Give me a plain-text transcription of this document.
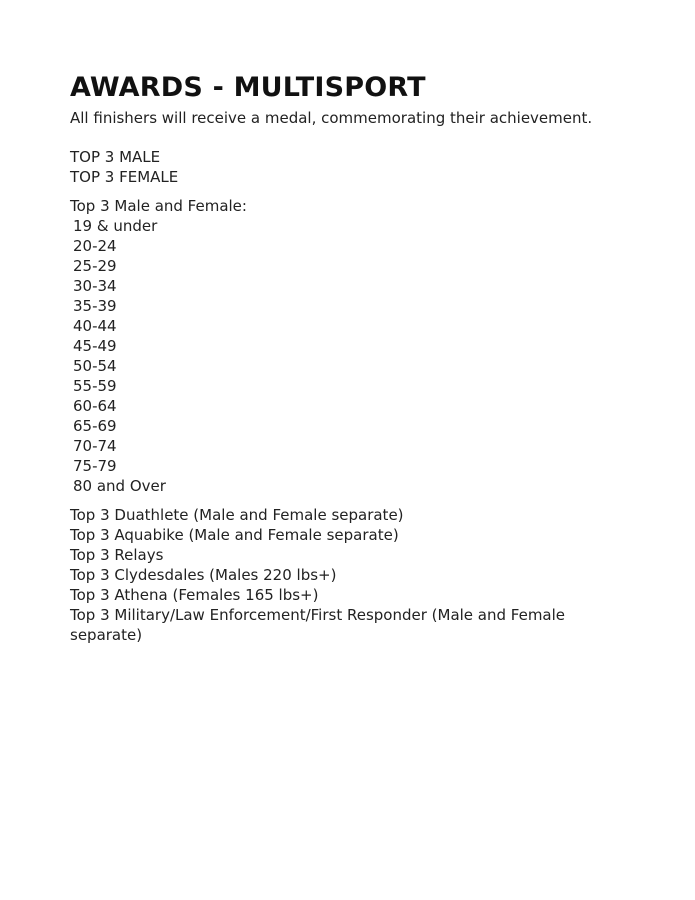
AWARDS - MULTISPORT

All finishers will receive a medal, commemorating their achievement.

TOP 3 MALE
TOP 3 FEMALE
Top 3 Male and Female:
19 & under
20-24
25-29
30-34
35-39
40-44
45-49
50-54
55-59
60-64
65-69
70-74
75-79
80 and Over
Top 3 Duathlete (Male and Female separate)
Top 3 Aquabike (Male and Female separate)
Top 3 Relays
Top 3 Clydesdales (Males 220 lbs+)
Top 3 Athena (Females 165 lbs+)
Top 3 Military/Law Enforcement/First Responder (Male and Female separate)
